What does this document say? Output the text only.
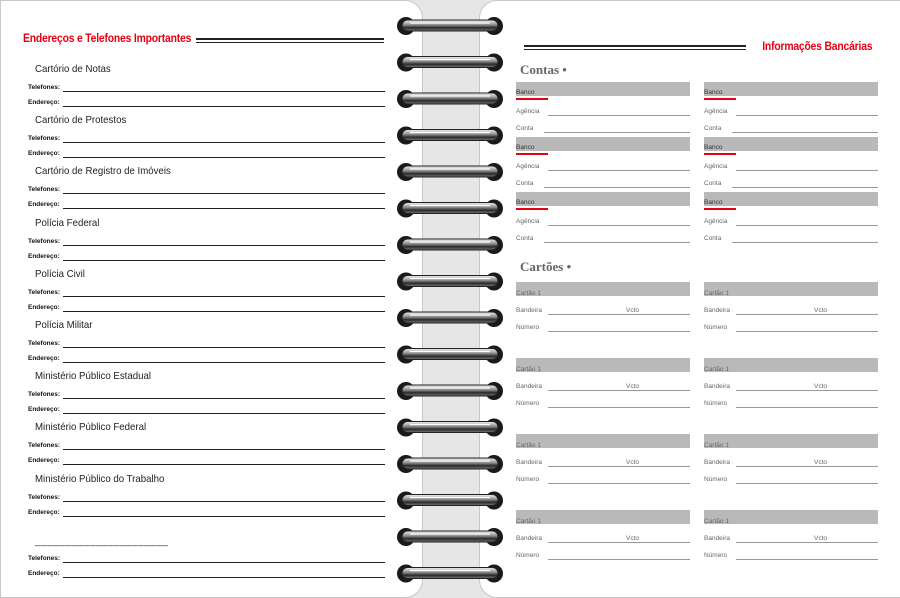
Endereços e Telefones Importantes
Cartório de Notas
Telefones:
Endereço:
Cartório de Protestos
Telefones:
Endereço:
Cartório de Registro de Imóveis
Telefones:
Endereço:
Polícia Federal
Telefones:
Endereço:
Polícia Civil
Telefones:
Endereço:
Polícia Militar
Telefones:
Endereço:
Ministério Público Estadual
Telefones:
Endereço:
Ministério Público Federal
Telefones:
Endereço:
Ministério Público do Trabalho
Telefones:
Endereço:
______________________
Telefones:
Endereço:
Informações Bancárias
Contas •
Banco
Agência
Conta
Banco
Agência
Conta
Banco
Agência
Conta
Banco
Agência
Conta
Banco
Agência
Conta
Banco
Agência
Conta
Cartões •
Cartão 1
Bandeira	Vcto
Número
Cartão 1
Bandeira	Vcto
Número
Cartão 1
Bandeira	Vcto
Número
Cartão 1
Bandeira	Vcto
Número
Cartão 1
Bandeira	Vcto
Número
Cartão 1
Bandeira	Vcto
Número
Cartão 1
Bandeira	Vcto
Número
Cartão 1
Bandeira	Vcto
Número
